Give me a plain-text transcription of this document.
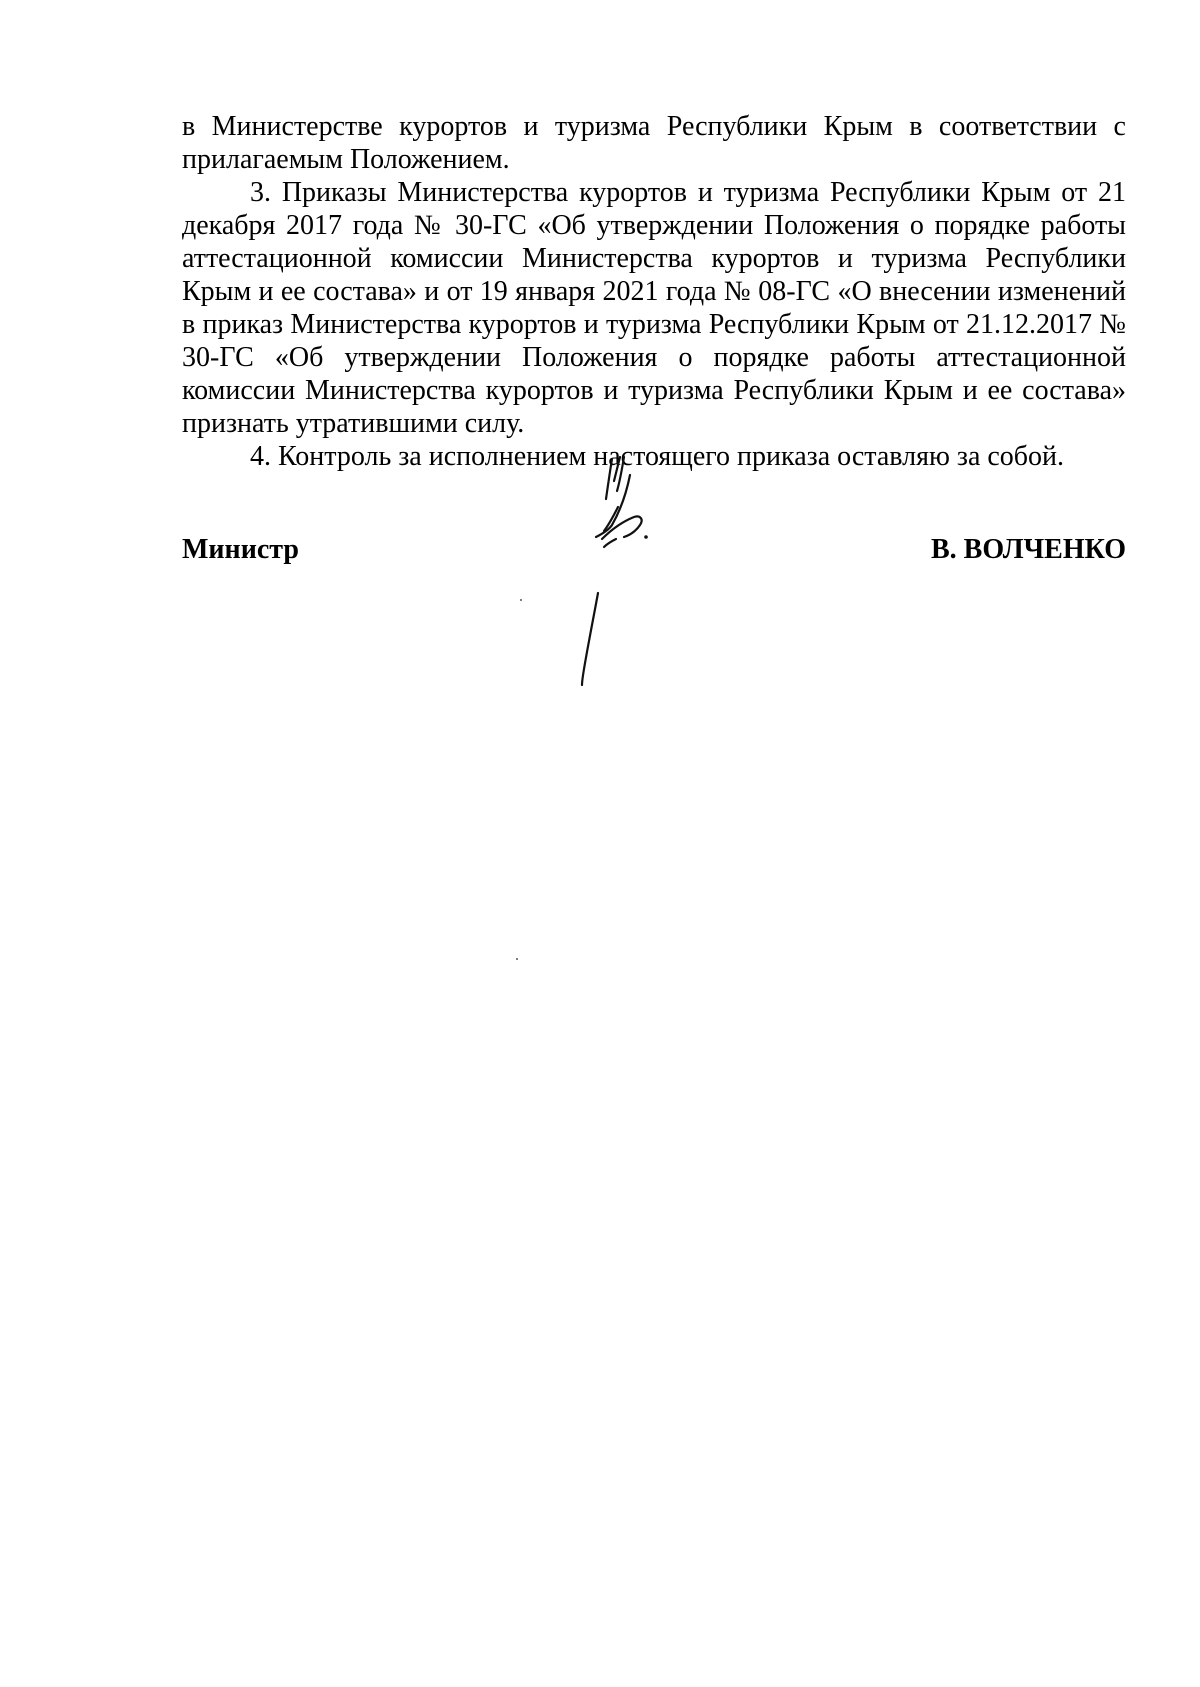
в Министерстве курортов и туризма Республики Крым в соответствии с прилагаемым Положением.

3. Приказы Министерства курортов и туризма Республики Крым от 21 декабря 2017 года № 30-ГС «Об утверждении Положения о порядке работы аттестационной комиссии Министерства курортов и туризма Республики Крым и ее состава» и от 19 января 2021 года № 08-ГС «О внесении изменений в приказ Министерства курортов и туризма Республики Крым от 21.12.2017 № 30-ГС «Об утверждении Положения о порядке работы аттестационной комиссии Министерства курортов и туризма Республики Крым и ее состава» признать утратившими силу.

4. Контроль за исполнением настоящего приказа оставляю за собой.

Министр	В. ВОЛЧЕНКО
